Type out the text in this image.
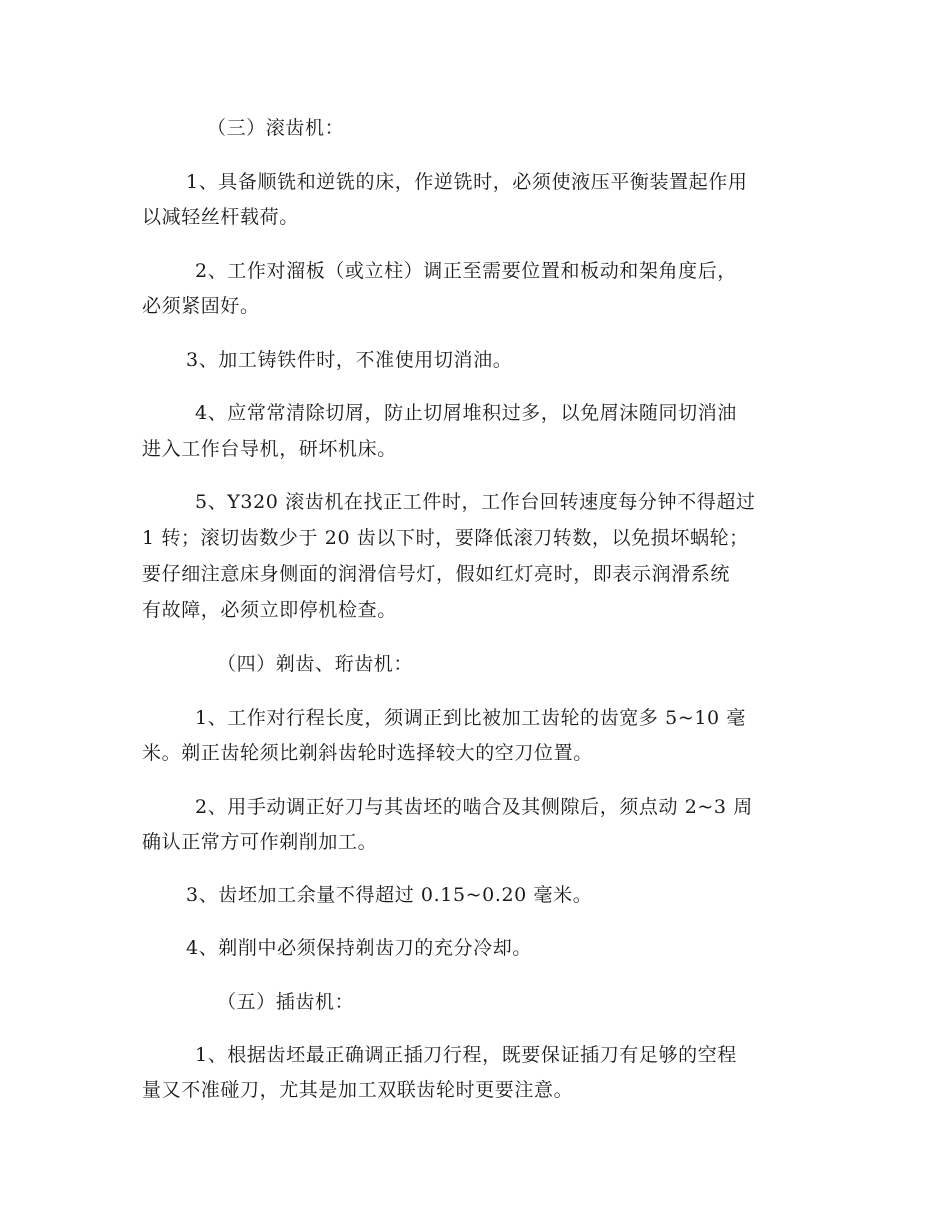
（三）滚齿机：
1、具备顺铣和逆铣的床，作逆铣时，必须使液压平衡装置起作用
以减轻丝杆载荷。
2、工作对溜板（或立柱）调正至需要位置和板动和架角度后，
必须紧固好。
3、加工铸铁件时，不准使用切消油。
4、应常常清除切屑，防止切屑堆积过多，以免屑沫随同切消油
进入工作台导机，研坏机床。
5、Y320 滚齿机在找正工件时，工作台回转速度每分钟不得超过
1 转；滚切齿数少于 20 齿以下时，要降低滚刀转数，以免损坏蜗轮；
要仔细注意床身侧面的润滑信号灯，假如红灯亮时，即表示润滑系统
有故障，必须立即停机检查。
（四）剃齿、珩齿机：
1、工作对行程长度，须调正到比被加工齿轮的齿宽多 5~10 毫
米。剃正齿轮须比剃斜齿轮时选择较大的空刀位置。
2、用手动调正好刀与其齿坯的啮合及其侧隙后，须点动 2~3 周
确认正常方可作剃削加工。
3、齿坯加工余量不得超过 0.15~0.20 毫米。
4、剃削中必须保持剃齿刀的充分冷却。
（五）插齿机：
1、根据齿坯最正确调正插刀行程，既要保证插刀有足够的空程
量又不准碰刀，尤其是加工双联齿轮时更要注意。
